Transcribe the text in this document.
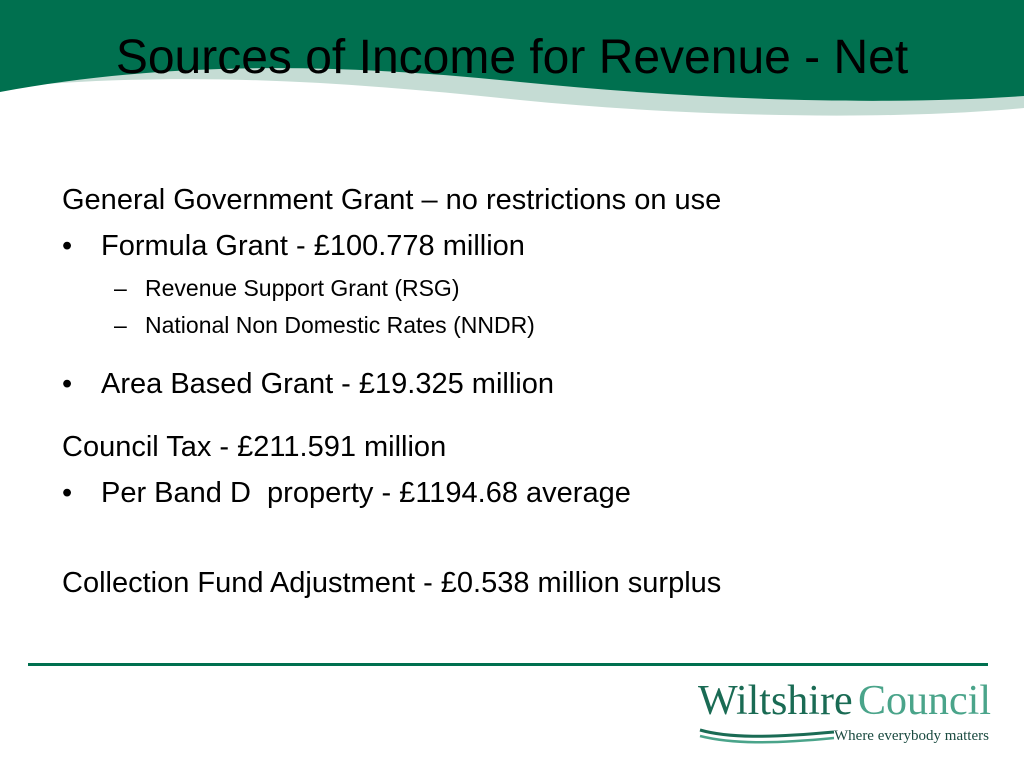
Sources of Income for Revenue - Net
General Government Grant – no restrictions on use
• Formula Grant - £100.778 million
– Revenue Support Grant (RSG)
– National Non Domestic Rates (NNDR)
• Area Based Grant - £19.325 million
Council Tax - £211.591 million
• Per Band D  property - £1194.68 average
Collection Fund Adjustment - £0.538 million surplus
Wiltshire Council
Where everybody matters
